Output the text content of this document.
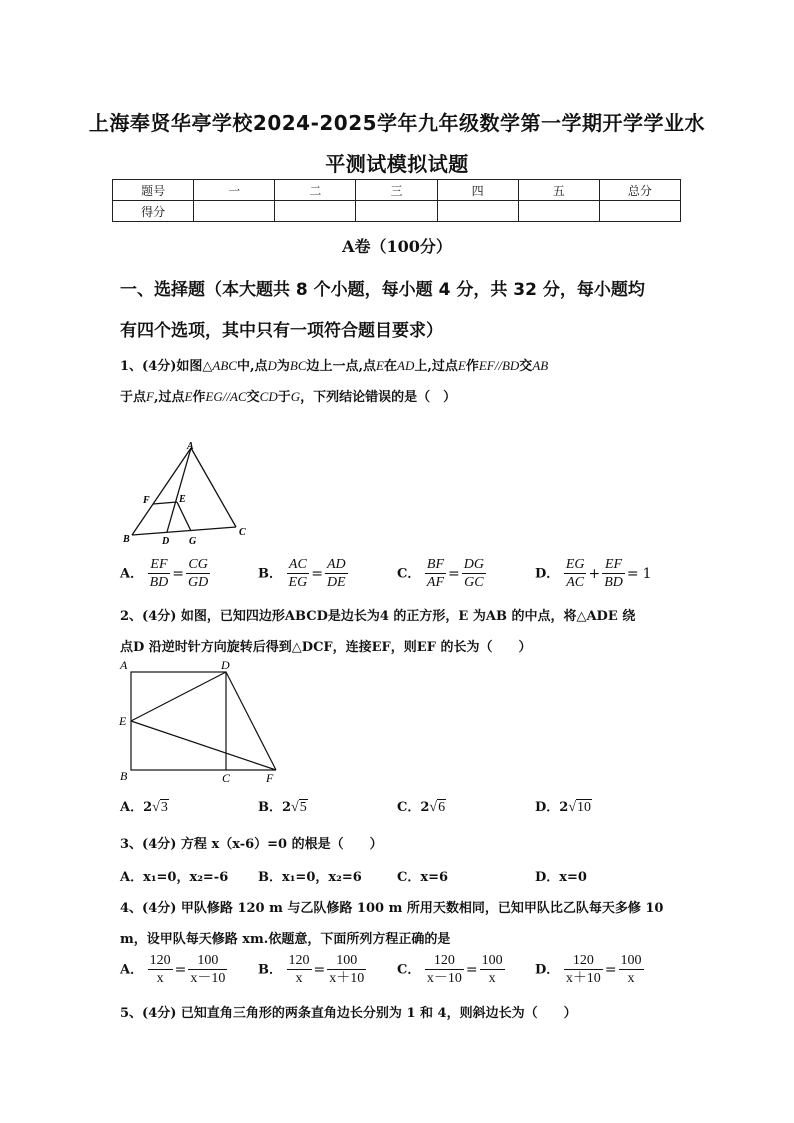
上海奉贤华亭学校2024-2025学年九年级数学第一学期开学学业水
平测试模拟试题
题号	一	二	三	四	五	总分
得分						
A卷（100分）
一、选择题（本大题共 8 个小题，每小题 4 分，共 32 分，每小题均
有四个选项，其中只有一项符合题目要求）
1、(4分)如图△ABC中,点D为BC边上一点,点E在AD上,过点E作EF//BD交AB
于点F,过点E作EG//AC交CD于G，下列结论错误的是（　）
A
F	E
B	D G
C
A． $\frac{EF}{BD} = \frac{CG}{GD}$	B． $\frac{AC}{EG} = \frac{AD}{DE}$	C． $\frac{BF}{AF} = \frac{DG}{GC}$	D． $\frac{EG}{AC} + \frac{EF}{BD} = 1$
2、(4分) 如图，已知四边形ABCD是边长为4 的正方形，E 为AB 的中点，将△ADE 绕
点D 沿逆时针方向旋转后得到△DCF，连接EF，则EF 的长为（　　）
A	D
E
B	C	F
A．2√3	B．2√5	C．2√6	D．2√10
3、(4分) 方程 x（x-6）=0 的根是（　　）
A．x₁=0，x₂=-6 B．x₁=0，x₂=6	C．x=6	D．x=0
4、(4分) 甲队修路 120 m 与乙队修路 100 m 所用天数相同，已知甲队比乙队每天多修 10
m，设甲队每天修路 xm.依题意，下面所列方程正确的是
A． $\frac{120}{x} = \frac{100}{x-10}$ B． $\frac{120}{x} = \frac{100}{x+10}$ C． $\frac{120}{x-10} = \frac{100}{x}$ D． $\frac{120}{x+10} = \frac{100}{x}$
5、(4分) 已知直角三角形的两条直角边长分别为 1 和 4，则斜边长为（　　）
